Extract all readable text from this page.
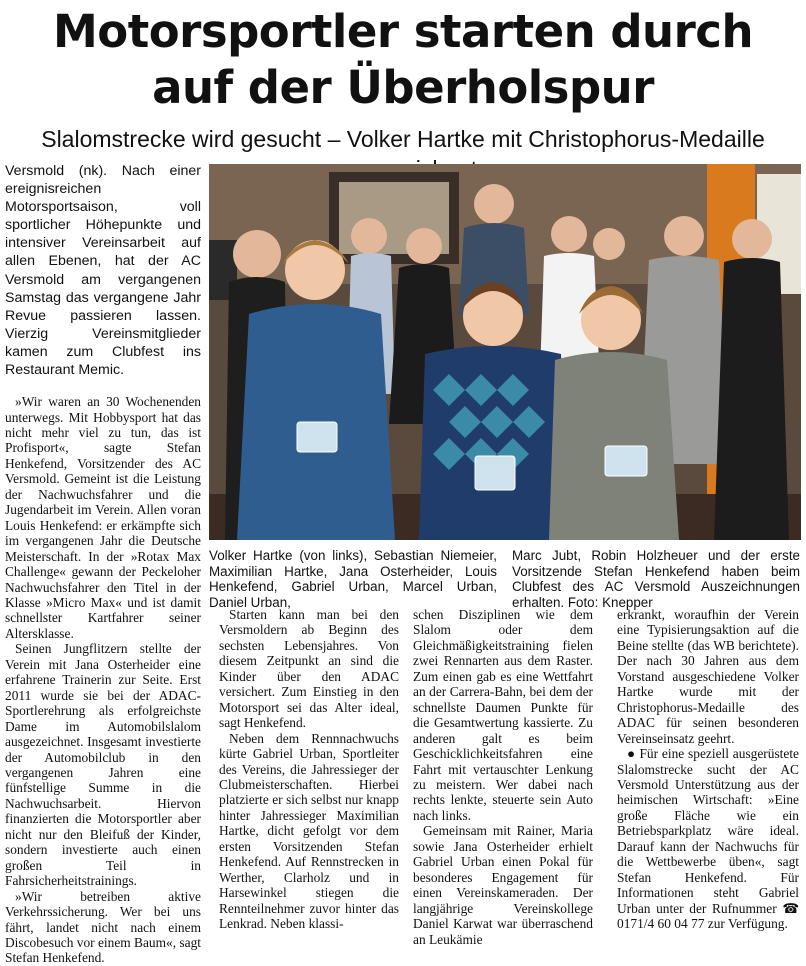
Motorsportler starten durch
auf der Überholspur
Slalomstrecke wird gesucht – Volker Hartke mit Christophorus-Medaille

Versmold (nk). Nach einer ereignisreichen Motorsportsaison, voll sportlicher Höhepunkte und intensiver Vereinsarbeit auf allen Ebenen, hat der AC Versmold am vergangenen Samstag das vergangene Jahr Revue passieren lassen. Vierzig Vereinsmitglieder kamen zum Clubfest ins Restaurant Memic.

»Wir waren an 30 Wochenenden unterwegs. Mit Hobbysport hat das nicht mehr viel zu tun, das ist Profisport«, sagte Stefan Henkefend, Vorsitzender des AC Versmold. Gemeint ist die Leistung der Nachwuchsfahrer und die Jugendarbeit im Verein. Allen voran Louis Henkefend: er erkämpfte sich im vergangenen Jahr die Deutsche Meisterschaft. In der »Rotax Max Challenge« gewann der Peckeloher Nachwuchsfahrer den Titel in der Klasse »Micro Max« und ist damit schnellster Kartfahrer seiner Altersklasse.

Seinen Jungflitzern stellte der Verein mit Jana Osterheider eine erfahrene Trainerin zur Seite. Erst 2011 wurde sie bei der ADAC-Sportlerehrung als erfolgreichste Dame im Automobilslalom ausgezeichnet. Insgesamt investierte der Automobilclub in den vergangenen Jahren eine fünfstellige Summe in die Nachwuchsarbeit. Hiervon finanzierten die Motorsportler aber nicht nur den Bleifuß der Kinder, sondern investierte auch einen großen Teil in Fahrsicherheitstrainings.

»Wir betreiben aktive Verkehrssicherung. Wer bei uns fährt, landet nicht nach einem Discobesuch vor einem Baum«, sagt Stefan Henkefend.

Volker Hartke (von links), Sebastian Niemeier, Maximilian Hartke, Jana Osterheider, Louis Henkefend, Gabriel Urban, Marcel Urban, Daniel Urban,
Marc Jubt, Robin Holzheuer und der erste Vorsitzende Stefan Henkefend haben beim Clubfest des AC Versmold Auszeichnungen erhalten. Foto: Knepper

Starten kann man bei den Versmoldern ab Beginn des sechsten Lebensjahres. Von diesem Zeitpunkt an sind die Kinder über den ADAC versichert. Zum Einstieg in den Motorsport sei das Alter ideal, sagt Henkefend.

Neben dem Rennnachwuchs kürte Gabriel Urban, Sportleiter des Vereins, die Jahressieger der Clubmeisterschaften. Hierbei platzierte er sich selbst nur knapp hinter Jahressieger Maximilian Hartke, dicht gefolgt vor dem ersten Vorsitzenden Stefan Henkefend. Auf Rennstrecken in Werther, Clarholz und in Harsewinkel stiegen die Rennteilnehmer zuvor hinter das Lenkrad. Neben klassi-

schen Disziplinen wie dem Slalom oder dem Gleichmäßigkeitstraining fielen zwei Rennarten aus dem Raster. Zum einen gab es eine Wettfahrt an der Carrera-Bahn, bei dem der schnellste Daumen Punkte für die Gesamtwertung kassierte. Zu anderen galt es beim Geschicklichkeitsfahren eine Fahrt mit vertauschter Lenkung zu meistern. Wer dabei nach rechts lenkte, steuerte sein Auto nach links.

Gemeinsam mit Rainer, Maria sowie Jana Osterheider erhielt Gabriel Urban einen Pokal für besonderes Engagement für einen Vereinskameraden. Der langjährige Vereinskollege Daniel Karwat war überraschend an Leukämie

erkrankt, woraufhin der Verein eine Typisierungsaktion auf die Beine stellte (das WB berichtete). Der nach 30 Jahren aus dem Vorstand ausgeschiedene Volker Hartke wurde mit der Christophorus-Medaille des ADAC für seinen besonderen Vereinseinsatz geehrt.

● Für eine speziell ausgerüstete Slalomstrecke sucht der AC Versmold Unterstützung aus der heimischen Wirtschaft: »Eine große Fläche wie ein Betriebsparkplatz wäre ideal. Darauf kann der Nachwuchs für die Wettbewerbe üben«, sagt Stefan Henkefend. Für Informationen steht Gabriel Urban unter der Rufnummer ☎ 0171/4 60 04 77 zur Verfügung.
